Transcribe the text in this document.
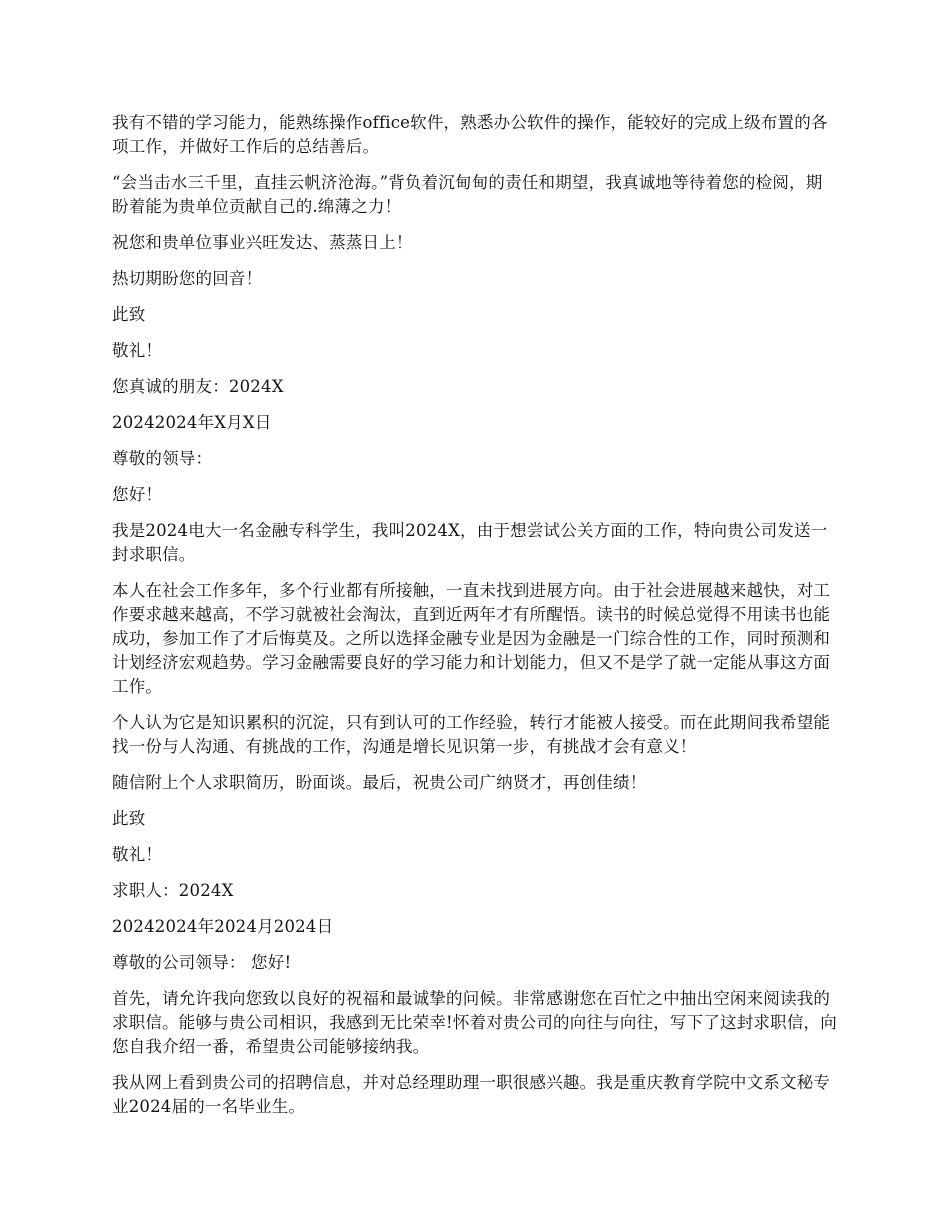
我有不错的学习能力，能熟练操作office软件，熟悉办公软件的操作，能较好的完成上级布置的各项工作，并做好工作后的总结善后。

“会当击水三千里，直挂云帆济沧海。”背负着沉甸甸的责任和期望，我真诚地等待着您的检阅，期盼着能为贵单位贡献自己的.绵薄之力！

祝您和贵单位事业兴旺发达、蒸蒸日上！

热切期盼您的回音！

此致

敬礼！

您真诚的朋友：2024X

20242024年X月X日

尊敬的领导：

您好！

我是2024电大一名金融专科学生，我叫2024X，由于想尝试公关方面的工作，特向贵公司发送一封求职信。

本人在社会工作多年，多个行业都有所接触，一直未找到进展方向。由于社会进展越来越快，对工作要求越来越高，不学习就被社会淘汰，直到近两年才有所醒悟。读书的时候总觉得不用读书也能成功，参加工作了才后悔莫及。之所以选择金融专业是因为金融是一门综合性的工作，同时预测和计划经济宏观趋势。学习金融需要良好的学习能力和计划能力，但又不是学了就一定能从事这方面工作。

个人认为它是知识累积的沉淀，只有到认可的工作经验，转行才能被人接受。而在此期间我希望能找一份与人沟通、有挑战的工作，沟通是增长见识第一步，有挑战才会有意义！

随信附上个人求职简历，盼面谈。最后，祝贵公司广纳贤才，再创佳绩！

此致

敬礼！

求职人：2024X

20242024年2024月2024日

尊敬的公司领导： 您好!

首先，请允许我向您致以良好的祝福和最诚挚的问候。非常感谢您在百忙之中抽出空闲来阅读我的求职信。能够与贵公司相识，我感到无比荣幸!怀着对贵公司的向往与向往，写下了这封求职信，向您自我介绍一番，希望贵公司能够接纳我。

我从网上看到贵公司的招聘信息，并对总经理助理一职很感兴趣。我是重庆教育学院中文系文秘专业2024届的一名毕业生。
